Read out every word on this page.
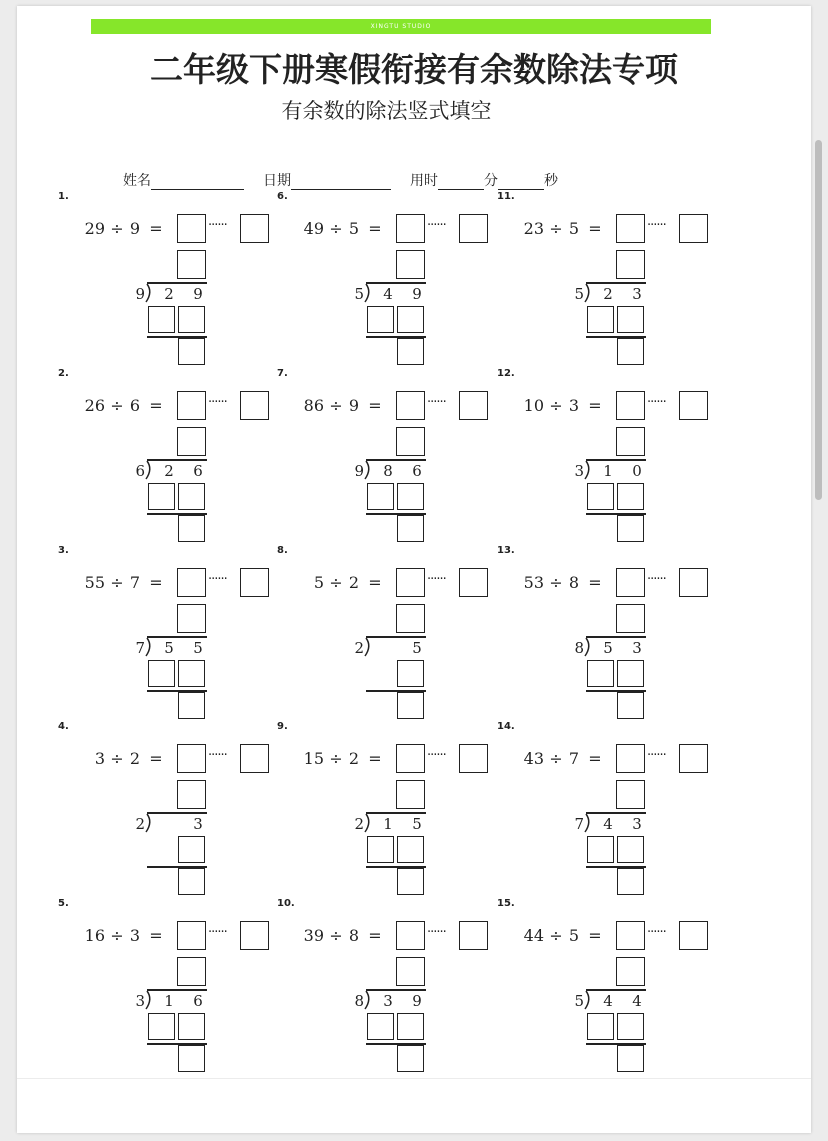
XINGTU STUDIO
二年级下册寒假衔接有余数除法专项
有余数的除法竖式填空
姓名	日期	用时	分	秒
1.
29 ÷ 9 =	······
9 2 9
2.
26 ÷ 6 =	······
6 2 6
3.
55 ÷ 7 =	······
7 5 5
4.
3 ÷ 2 =	······
2	3
5.
16 ÷ 3 =	······
3 1 6
6.
49 ÷ 5 =	······
5 4 9
7.
86 ÷ 9 =	······
9 8 6
8.
5 ÷ 2 =	······
2	5
9.
15 ÷ 2 =	······
2 1 5
10.
39 ÷ 8 =	······
8 3 9
11.
23 ÷ 5 =	······
5 2 3
12.
10 ÷ 3 =	······
3 1 0
13.
53 ÷ 8 =	······
8 5 3
14.
43 ÷ 7 =	······
7 4 3
15.
44 ÷ 5 =	······
5 4 4
